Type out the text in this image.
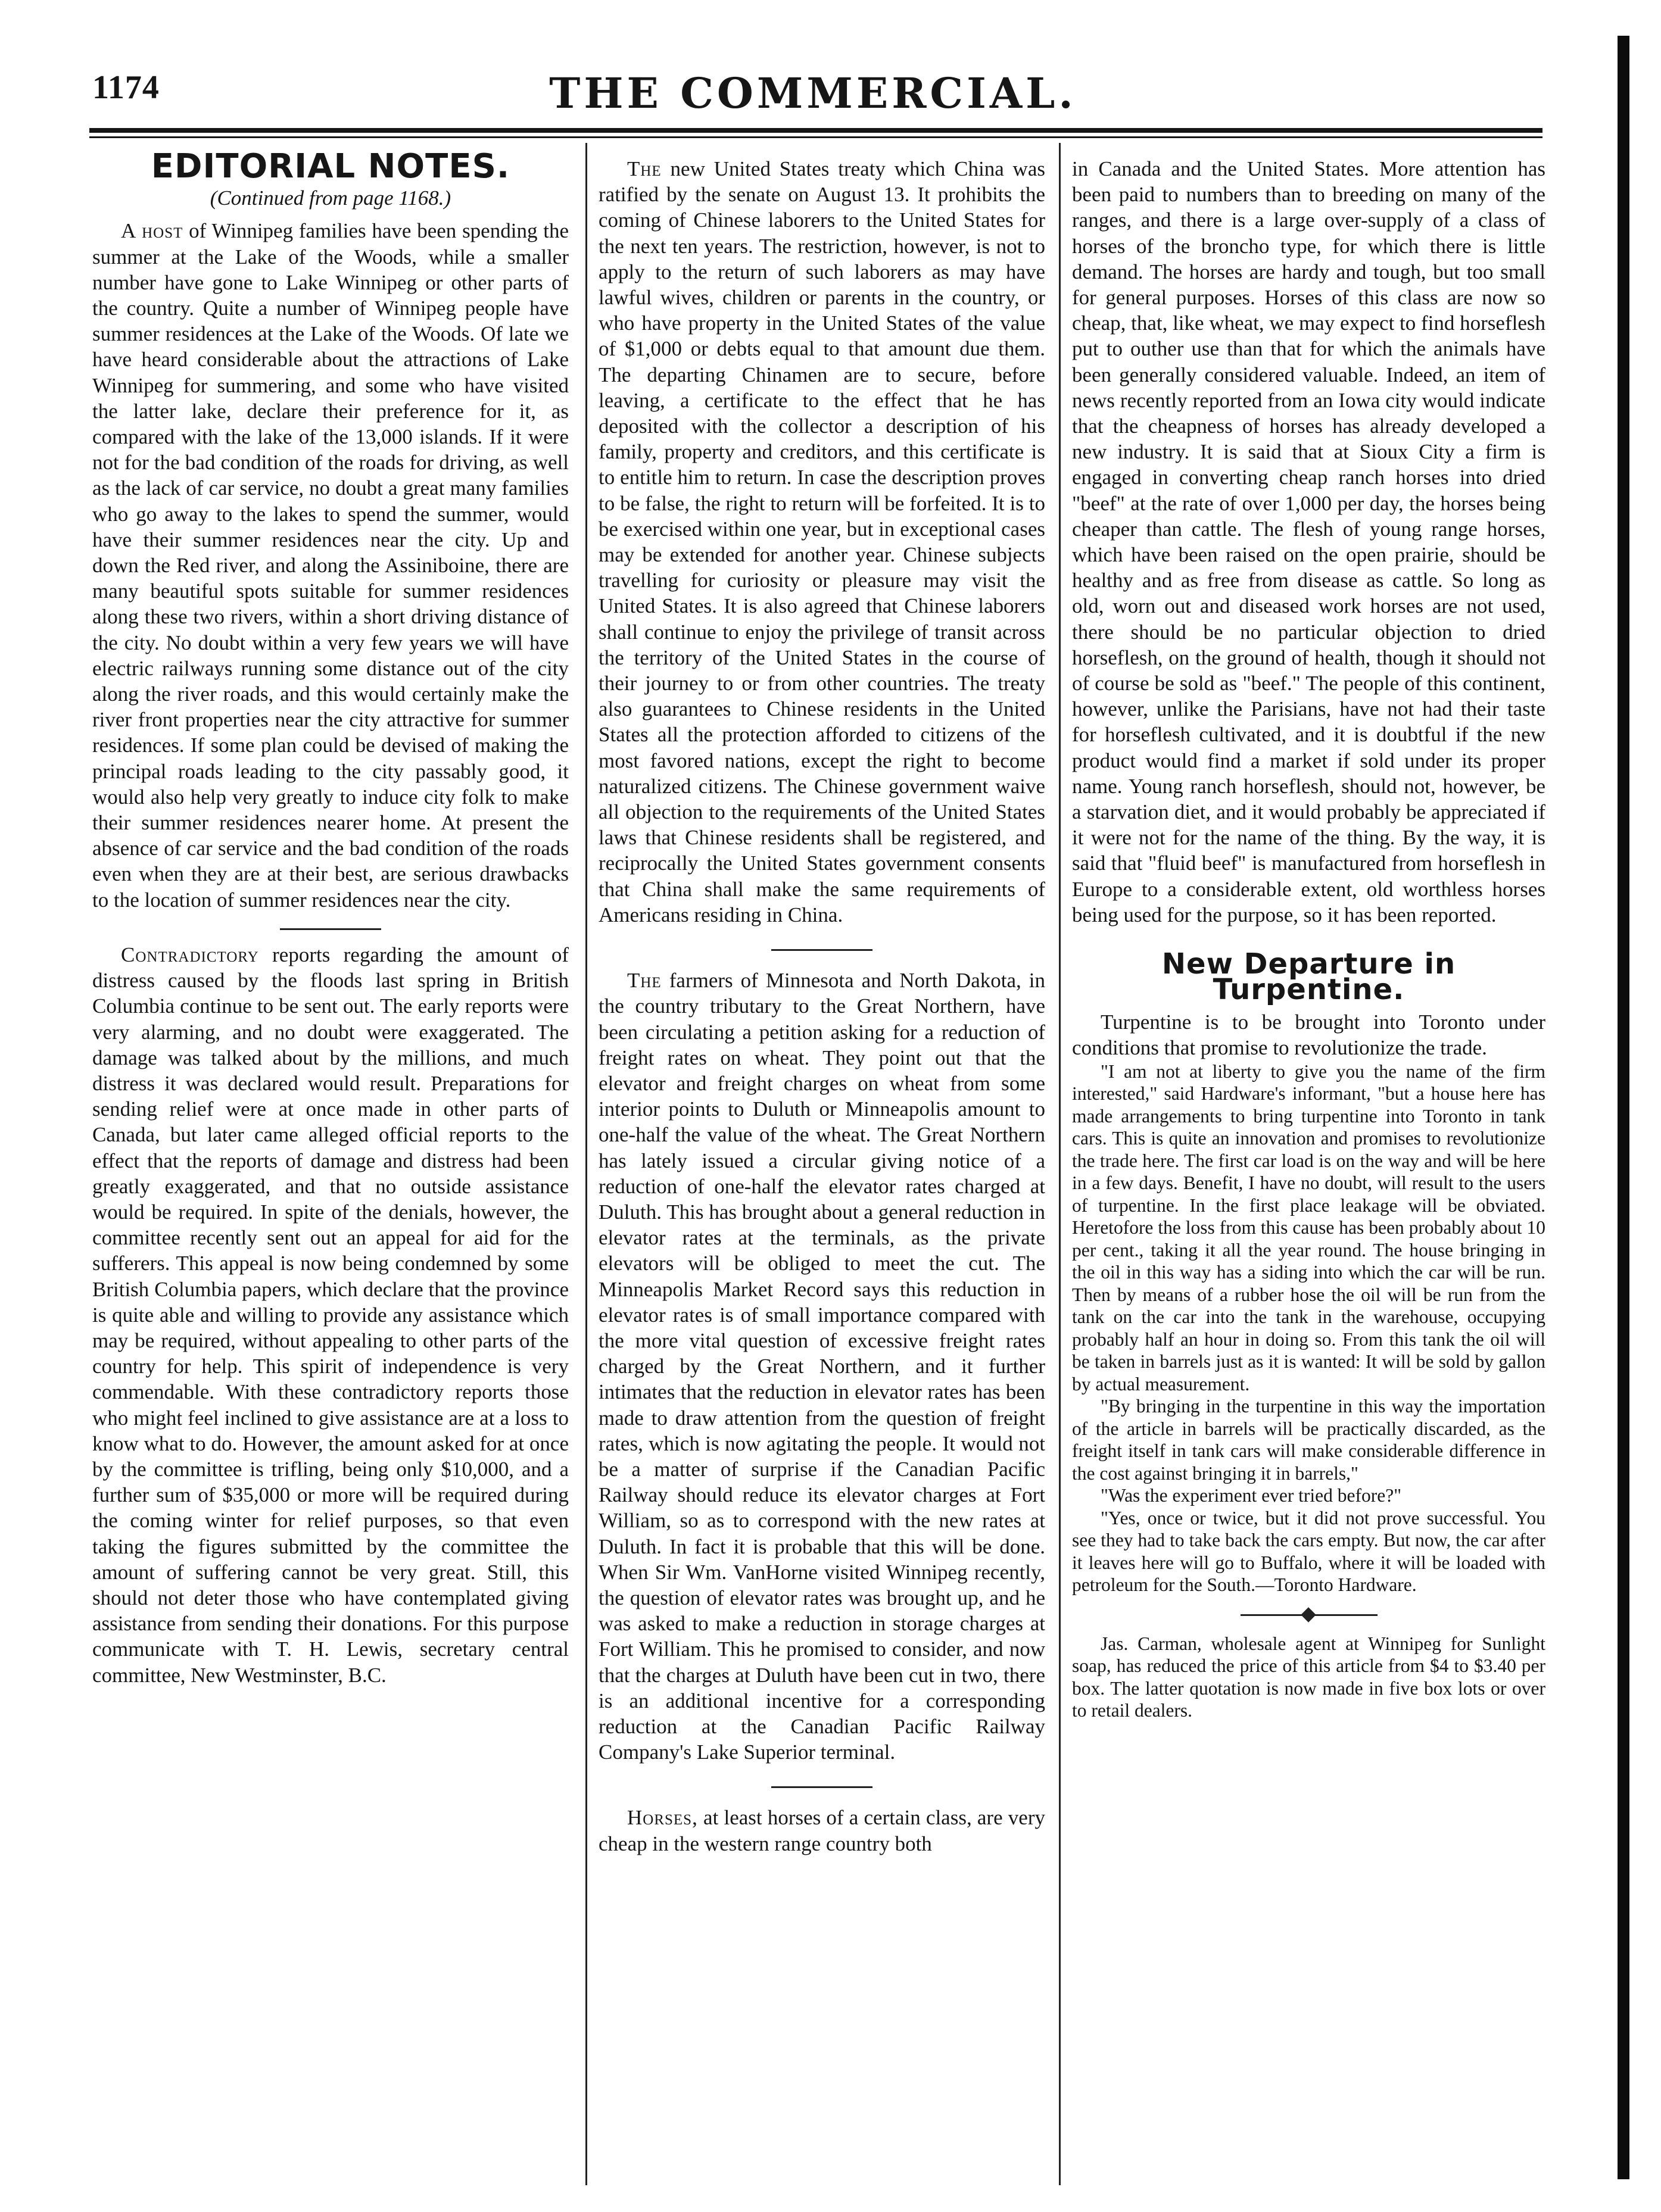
1174	THE COMMERCIAL.
EDITORIAL NOTES.
(Continued from page 1168.)

A host of Winnipeg families have been spending the summer at the Lake of the Woods, while a smaller number have gone to Lake Winnipeg or other parts of the country. Quite a number of Winnipeg people have summer residences at the Lake of the Woods. Of late we have heard considerable about the attractions of Lake Winnipeg for summering, and some who have visited the latter lake, declare their preference for it, as compared with the lake of the 13,000 islands. If it were not for the bad condition of the roads for driving, as well as the lack of car service, no doubt a great many families who go away to the lakes to spend the summer, would have their summer residences near the city. Up and down the Red river, and along the Assiniboine, there are many beautiful spots suitable for summer residences along these two rivers, within a short driving distance of the city. No doubt within a very few years we will have electric railways running some distance out of the city along the river roads, and this would certainly make the river front properties near the city attractive for summer residences. If some plan could be devised of making the principal roads leading to the city passably good, it would also help very greatly to induce city folk to make their summer residences nearer home. At present the absence of car service and the bad condition of the roads even when they are at their best, are serious drawbacks to the location of summer residences near the city.

Contradictory reports regarding the amount of distress caused by the floods last spring in British Columbia continue to be sent out. The early reports were very alarming, and no doubt were exaggerated. The damage was talked about by the millions, and much distress it was declared would result. Preparations for sending relief were at once made in other parts of Canada, but later came alleged official reports to the effect that the reports of damage and distress had been greatly exaggerated, and that no outside assistance would be required. In spite of the denials, however, the committee recently sent out an appeal for aid for the sufferers. This appeal is now being condemned by some British Columbia papers, which declare that the province is quite able and willing to provide any assistance which may be required, without appealing to other parts of the country for help. This spirit of independence is very commendable. With these contradictory reports those who might feel inclined to give assistance are at a loss to know what to do. However, the amount asked for at once by the committee is trifling, being only $10,000, and a further sum of $35,000 or more will be required during the coming winter for relief purposes, so that even taking the figures submitted by the committee the amount of suffering cannot be very great. Still, this should not deter those who have contemplated giving assistance from sending their donations. For this purpose communicate with T. H. Lewis, secretary central committee, New Westminster, B.C.

The new United States treaty which China was ratified by the senate on August 13. It prohibits the coming of Chinese laborers to the United States for the next ten years. The restriction, however, is not to apply to the return of such laborers as may have lawful wives, children or parents in the country, or who have property in the United States of the value of $1,000 or debts equal to that amount due them. The departing Chinamen are to secure, before leaving, a certificate to the effect that he has deposited with the collector a description of his family, property and creditors, and this certificate is to entitle him to return. In case the description proves to be false, the right to return will be forfeited. It is to be exercised within one year, but in exceptional cases may be extended for another year. Chinese subjects travelling for curiosity or pleasure may visit the United States. It is also agreed that Chinese laborers shall continue to enjoy the privilege of transit across the territory of the United States in the course of their journey to or from other countries. The treaty also guarantees to Chinese residents in the United States all the protection afforded to citizens of the most favored nations, except the right to become naturalized citizens. The Chinese government waive all objection to the requirements of the United States laws that Chinese residents shall be registered, and reciprocally the United States government consents that China shall make the same requirements of Americans residing in China.

The farmers of Minnesota and North Dakota, in the country tributary to the Great Northern, have been circulating a petition asking for a reduction of freight rates on wheat. They point out that the elevator and freight charges on wheat from some interior points to Duluth or Minneapolis amount to one-half the value of the wheat. The Great Northern has lately issued a circular giving notice of a reduction of one-half the elevator rates charged at Duluth. This has brought about a general reduction in elevator rates at the terminals, as the private elevators will be obliged to meet the cut. The Minneapolis Market Record says this reduction in elevator rates is of small importance compared with the more vital question of excessive freight rates charged by the Great Northern, and it further intimates that the reduction in elevator rates has been made to draw attention from the question of freight rates, which is now agitating the people. It would not be a matter of surprise if the Canadian Pacific Railway should reduce its elevator charges at Fort William, so as to correspond with the new rates at Duluth. In fact it is probable that this will be done. When Sir Wm. VanHorne visited Winnipeg recently, the question of elevator rates was brought up, and he was asked to make a reduction in storage charges at Fort William. This he promised to consider, and now that the charges at Duluth have been cut in two, there is an additional incentive for a corresponding reduction at the Canadian Pacific Railway Company's Lake Superior terminal.

Horses, at least horses of a certain class, are very cheap in the western range country both

in Canada and the United States. More attention has been paid to numbers than to breeding on many of the ranges, and there is a large over-supply of a class of horses of the broncho type, for which there is little demand. The horses are hardy and tough, but too small for general purposes. Horses of this class are now so cheap, that, like wheat, we may expect to find horseflesh put to outher use than that for which the animals have been generally considered valuable. Indeed, an item of news recently reported from an Iowa city would indicate that the cheapness of horses has already developed a new industry. It is said that at Sioux City a firm is engaged in converting cheap ranch horses into dried "beef" at the rate of over 1,000 per day, the horses being cheaper than cattle. The flesh of young range horses, which have been raised on the open prairie, should be healthy and as free from disease as cattle. So long as old, worn out and diseased work horses are not used, there should be no particular objection to dried horseflesh, on the ground of health, though it should not of course be sold as "beef." The people of this continent, however, unlike the Parisians, have not had their taste for horseflesh cultivated, and it is doubtful if the new product would find a market if sold under its proper name. Young ranch horseflesh, should not, however, be a starvation diet, and it would probably be appreciated if it were not for the name of the thing. By the way, it is said that "fluid beef" is manufactured from horseflesh in Europe to a considerable extent, old worthless horses being used for the purpose, so it has been reported.

New Departure in Turpentine.

Turpentine is to be brought into Toronto under conditions that promise to revolutionize the trade.

"I am not at liberty to give you the name of the firm interested," said Hardware's informant, "but a house here has made arrangements to bring turpentine into Toronto in tank cars. This is quite an innovation and promises to revolutionize the trade here. The first car load is on the way and will be here in a few days. Benefit, I have no doubt, will result to the users of turpentine. In the first place leakage will be obviated. Heretofore the loss from this cause has been probably about 10 per cent., taking it all the year round. The house bringing in the oil in this way has a siding into which the car will be run. Then by means of a rubber hose the oil will be run from the tank on the car into the tank in the warehouse, occupying probably half an hour in doing so. From this tank the oil will be taken in barrels just as it is wanted: It will be sold by gallon by actual measurement.

"By bringing in the turpentine in this way the importation of the article in barrels will be practically discarded, as the freight itself in tank cars will make considerable difference in the cost against bringing it in barrels,"

"Was the experiment ever tried before?"

"Yes, once or twice, but it did not prove successful. You see they had to take back the cars empty. But now, the car after it leaves here will go to Buffalo, where it will be loaded with petroleum for the South.—Toronto Hardware.

Jas. Carman, wholesale agent at Winnipeg for Sunlight soap, has reduced the price of this article from $4 to $3.40 per box. The latter quotation is now made in five box lots or over to retail dealers.
